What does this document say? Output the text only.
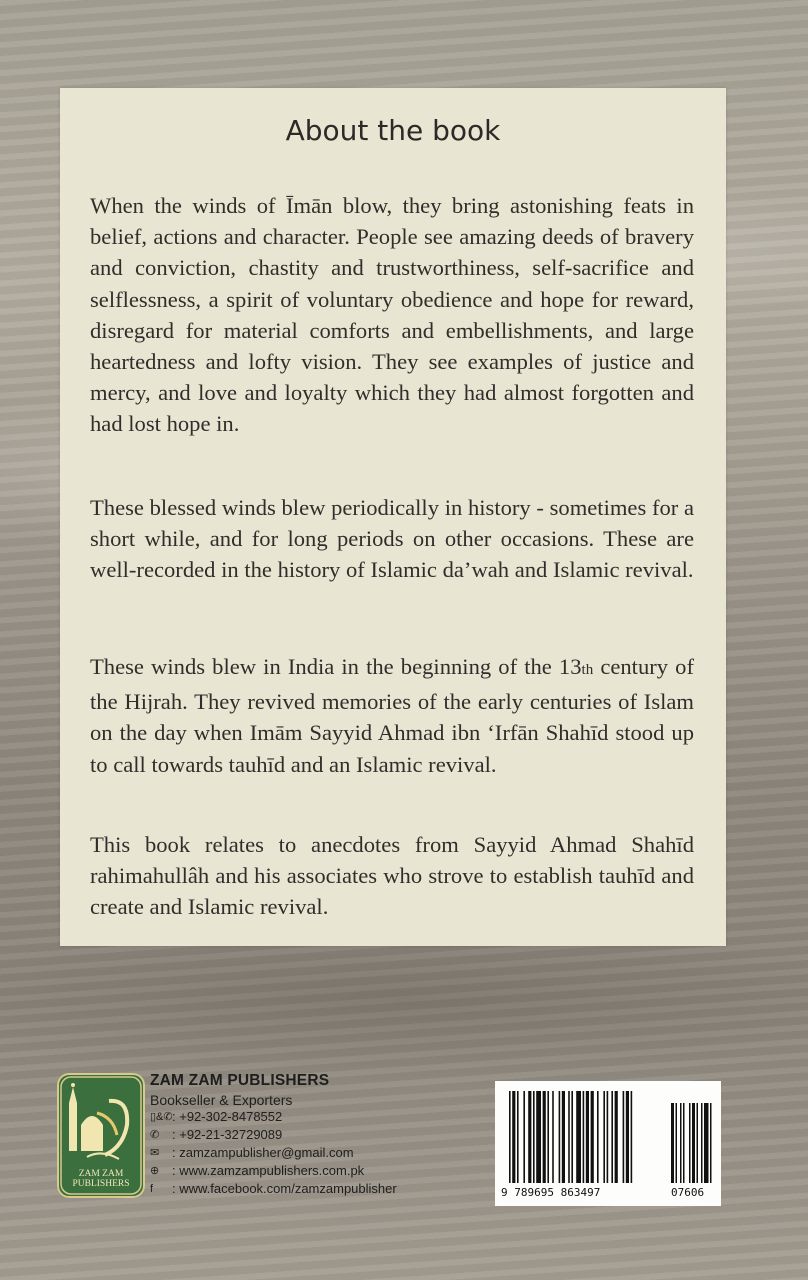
About the book

When the winds of Īmān blow, they bring astonishing feats in belief, actions and character. People see amazing deeds of bravery and conviction, chastity and trustworthiness, self-sacrifice and selflessness, a spirit of voluntary obedience and hope for reward, disregard for material comforts and embellishments, and large heartedness and lofty vision. They see examples of justice and mercy, and love and loyalty which they had almost forgotten and had lost hope in.

These blessed winds blew periodically in history - sometimes for a short while, and for long periods on other occasions. These are well-recorded in the history of Islamic da’wah and Islamic revival.

These winds blew in India in the beginning of the 13th century of the Hijrah. They revived memories of the early centuries of Islam on the day when Imām Sayyid Ahmad ibn ‘Irfān Shahīd stood up to call towards tauhīd and an Islamic revival.

This book relates to anecdotes from Sayyid Ahmad Shahīd rahimahullâh and his associates who strove to establish tauhīd and create and Islamic revival.

ZAM ZAM
PUBLISHERS
ZAM ZAM PUBLISHERS
Bookseller & Exporters
▯&✆ : +92-302-8478552
✆ : +92-21-32729089
✉ : zamzampublisher@gmail.com
⊕ : www.zamzampublishers.com.pk
f	: www.facebook.com/zamzampublisher	9 789695 863497	07606
